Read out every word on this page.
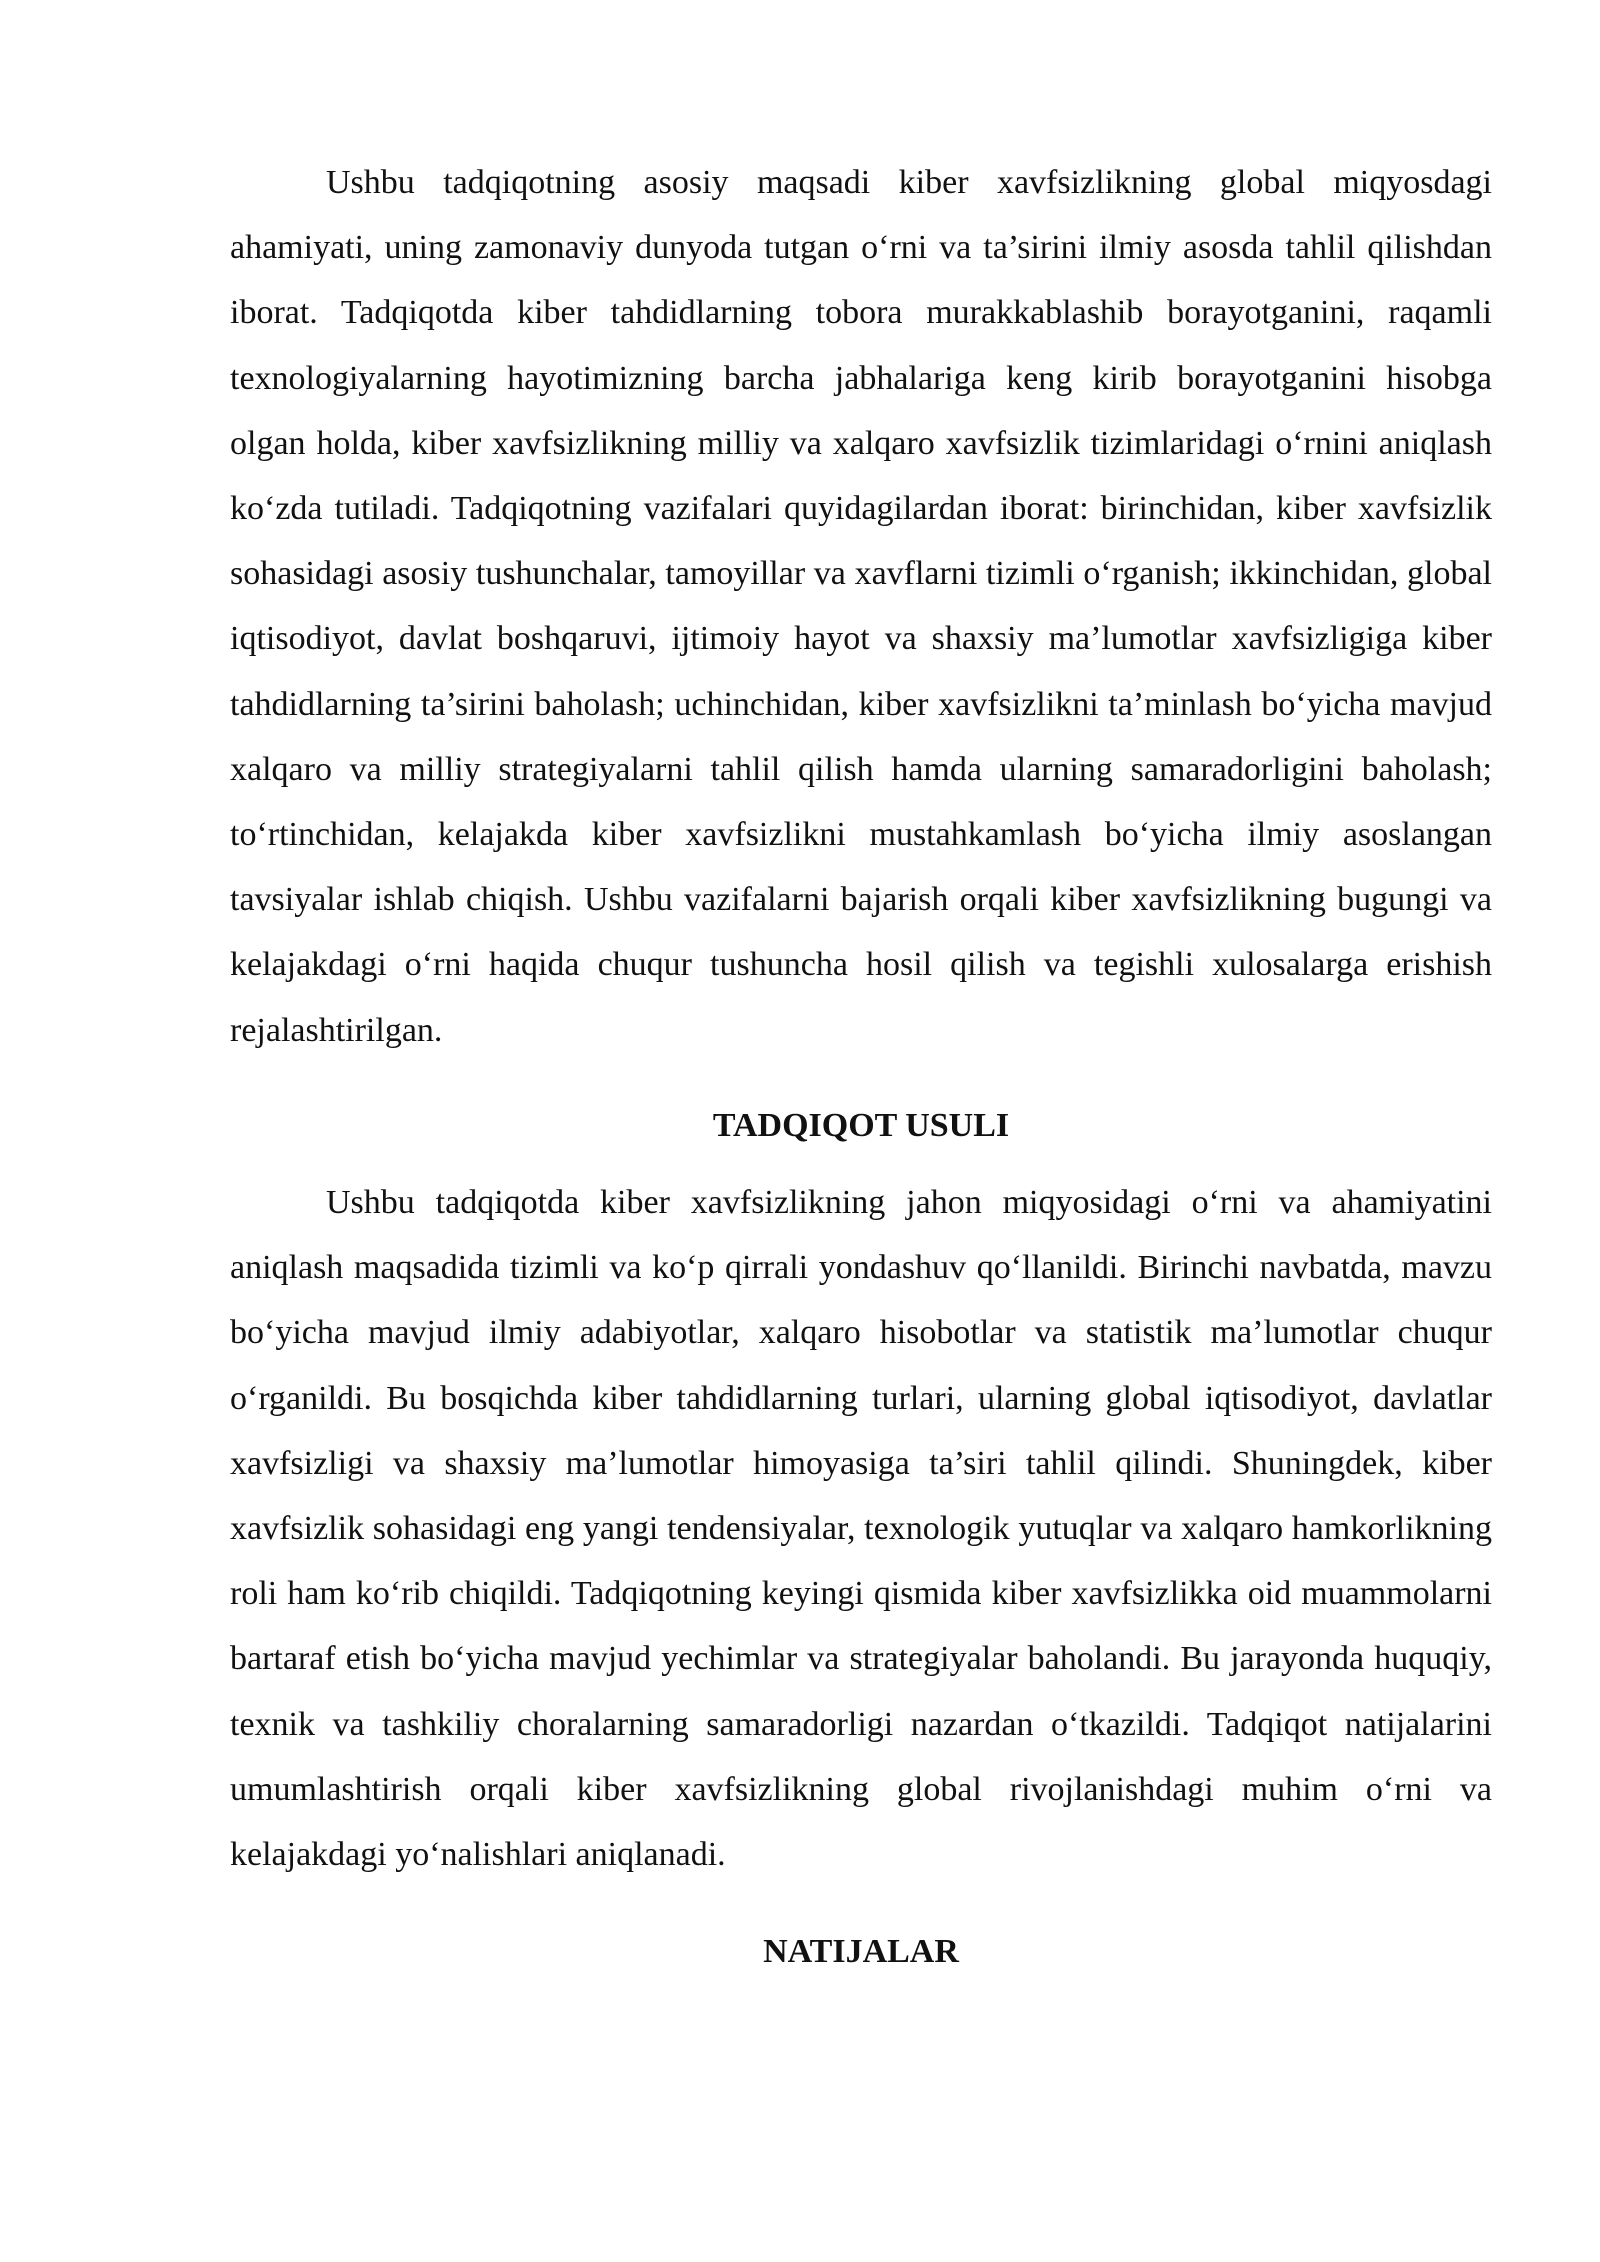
Ushbu tadqiqotning asosiy maqsadi kiber xavfsizlikning global miqyosdagi ahamiyati, uning zamonaviy dunyoda tutgan o‘rni va ta’sirini ilmiy asosda tahlil qilishdan iborat. Tadqiqotda kiber tahdidlarning tobora murakkablashib borayotganini, raqamli texnologiyalarning hayotimizning barcha jabhalariga keng kirib borayotganini hisobga olgan holda, kiber xavfsizlikning milliy va xalqaro xavfsizlik tizimlaridagi o‘rnini aniqlash ko‘zda tutiladi. Tadqiqotning vazifalari quyidagilardan iborat: birinchidan, kiber xavfsizlik sohasidagi asosiy tushunchalar, tamoyillar va xavflarni tizimli o‘rganish; ikkinchidan, global iqtisodiyot, davlat boshqaruvi, ijtimoiy hayot va shaxsiy ma’lumotlar xavfsizligiga kiber tahdidlarning ta’sirini baholash; uchinchidan, kiber xavfsizlikni ta’minlash bo‘yicha mavjud xalqaro va milliy strategiyalarni tahlil qilish hamda ularning samaradorligini baholash; to‘rtinchidan, kelajakda kiber xavfsizlikni mustahkamlash bo‘yicha ilmiy asoslangan tavsiyalar ishlab chiqish. Ushbu vazifalarni bajarish orqali kiber xavfsizlikning bugungi va kelajakdagi o‘rni haqida chuqur tushuncha hosil qilish va tegishli xulosalarga erishish rejalashtirilgan.

TADQIQOT USULI

Ushbu tadqiqotda kiber xavfsizlikning jahon miqyosidagi o‘rni va ahamiyatini aniqlash maqsadida tizimli va ko‘p qirrali yondashuv qo‘llanildi. Birinchi navbatda, mavzu bo‘yicha mavjud ilmiy adabiyotlar, xalqaro hisobotlar va statistik ma’lumotlar chuqur o‘rganildi. Bu bosqichda kiber tahdidlarning turlari, ularning global iqtisodiyot, davlatlar xavfsizligi va shaxsiy ma’lumotlar himoyasiga ta’siri tahlil qilindi. Shuningdek, kiber xavfsizlik sohasidagi eng yangi tendensiyalar, texnologik yutuqlar va xalqaro hamkorlikning roli ham ko‘rib chiqildi. Tadqiqotning keyingi qismida kiber xavfsizlikka oid muammolarni bartaraf etish bo‘yicha mavjud yechimlar va strategiyalar baholandi. Bu jarayonda huquqiy, texnik va tashkiliy choralarning samaradorligi nazardan o‘tkazildi. Tadqiqot natijalarini umumlashtirish orqali kiber xavfsizlikning global rivojlanishdagi muhim o‘rni va kelajakdagi yo‘nalishlari aniqlanadi.

NATIJALAR
